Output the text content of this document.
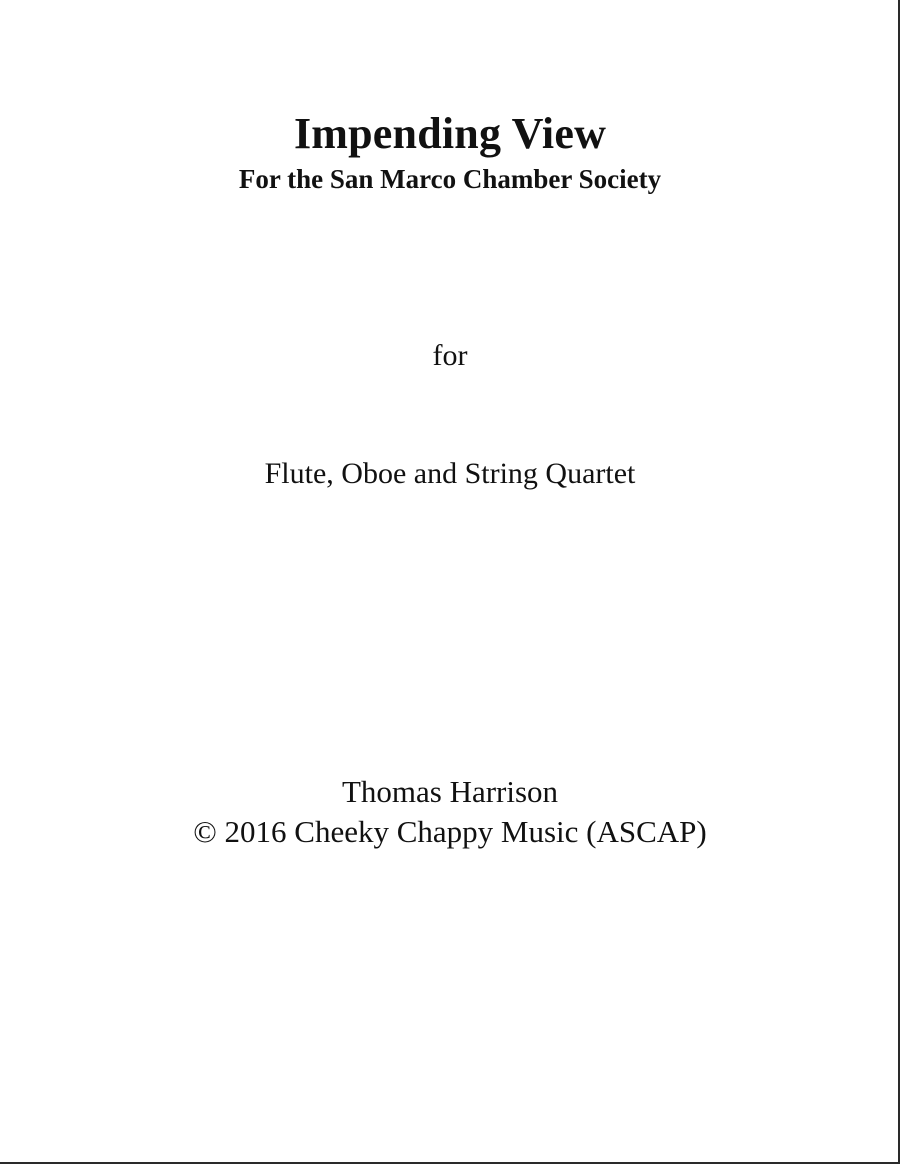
Impending View
For the San Marco Chamber Society
for
Flute, Oboe and String Quartet
Thomas Harrison
© 2016 Cheeky Chappy Music (ASCAP)
